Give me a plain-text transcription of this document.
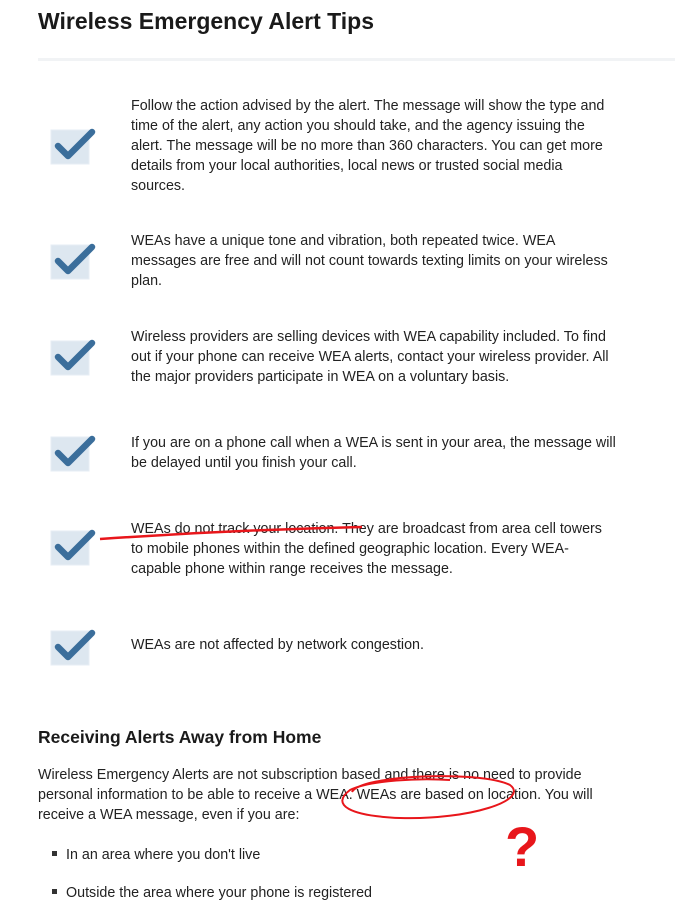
Wireless Emergency Alert Tips

Follow the action advised by the alert. The message will show the type and time of the alert, any action you should take, and the agency issuing the alert. The message will be no more than 360 characters. You can get more details from your local authorities, local news or trusted social media sources.

WEAs have a unique tone and vibration, both repeated twice. WEA messages are free and will not count towards texting limits on your wireless plan.

Wireless providers are selling devices with WEA capability included. To find out if your phone can receive WEA alerts, contact your wireless provider. All the major providers participate in WEA on a voluntary basis.

If you are on a phone call when a WEA is sent in your area, the message will be delayed until you finish your call.

WEAs do not track your location. They are broadcast from area cell towers to mobile phones within the defined geographic location. Every WEA-capable phone within range receives the message.

WEAs are not affected by network congestion.

Receiving Alerts Away from Home

Wireless Emergency Alerts are not subscription based and there is no need to provide personal information to be able to receive a WEA. WEAs are based on location. You will receive a WEA message, even if you are:

In an area where you don't live
Outside the area where your phone is registered
?
